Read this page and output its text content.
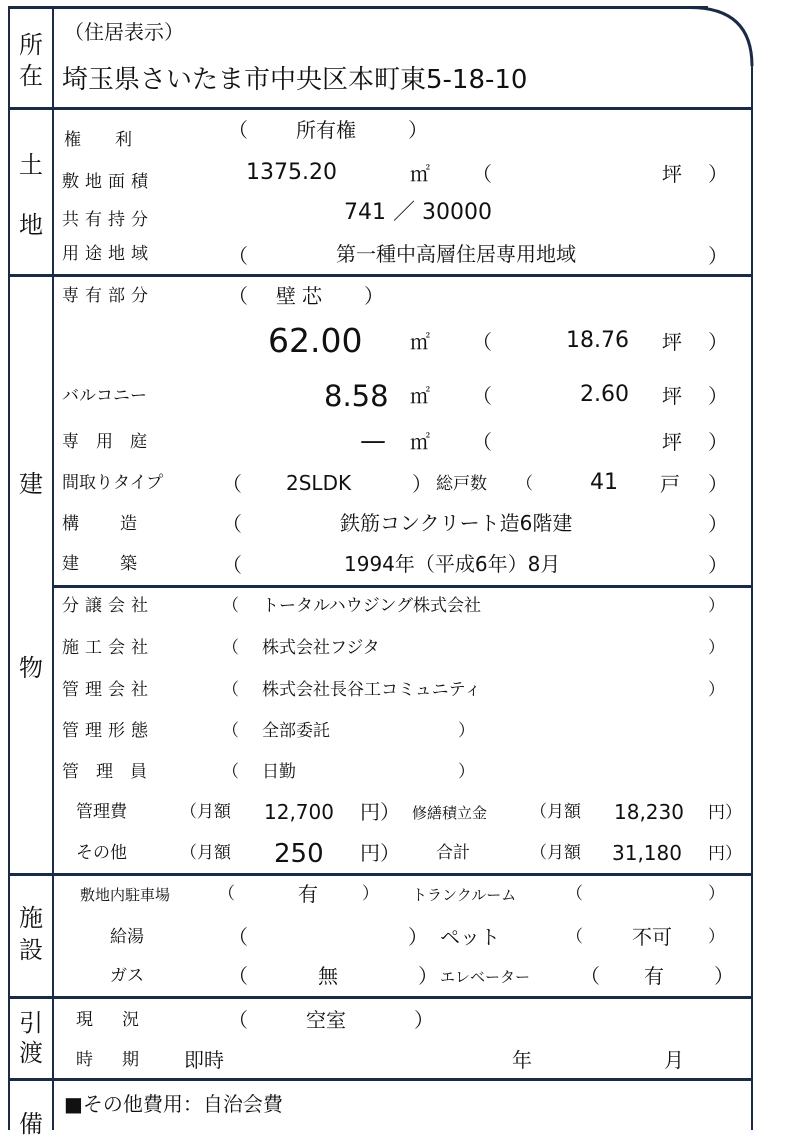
所
在
（住居表示）
埼玉県さいたま市中央区本町東5-18-10
土
地
権　　利	（ 所有権	）
敷地面積	1375.20	㎡ （	坪 ）
共有持分	741 ／ 30000
用途地域	（	第一種中高層住居専用地域	）
建
物
専有部分	（ 壁芯 ）
62.00 ㎡ （	18.76 坪 ）
バルコニー	8.58 ㎡ （	2.60 坪 ）
専　用　庭	— ㎡ （	坪 ）
間取りタイプ	（ 2SLDK	） 総戸数 （	41 戸 ）
構　造	（	鉄筋コンクリート造6階建	）
建　築	（	1994年（平成6年）8月	）
分譲会社	（ トータルハウジング株式会社	）
施工会社	（ 株式会社フジタ	）
管理会社	（ 株式会社長谷工コミュニティ	）
管理形態	（ 全部委託	）
管　理　員	（ 日勤	）
管理費	（月額 12,700 円） 修繕積立金	（月額 18,230 円）
その他	（月額 250 円） 合計	（月額 31,180 円）
施
設
敷地内駐車場	（	有	） トランクルーム	（	）
給湯	（	） ペット	（ 不可 ）
ガス	（	無	） エレベーター （ 有	）
引
渡
現　況	（	空室	）
時　期 即時	年	月
備
■その他費用：自治会費
